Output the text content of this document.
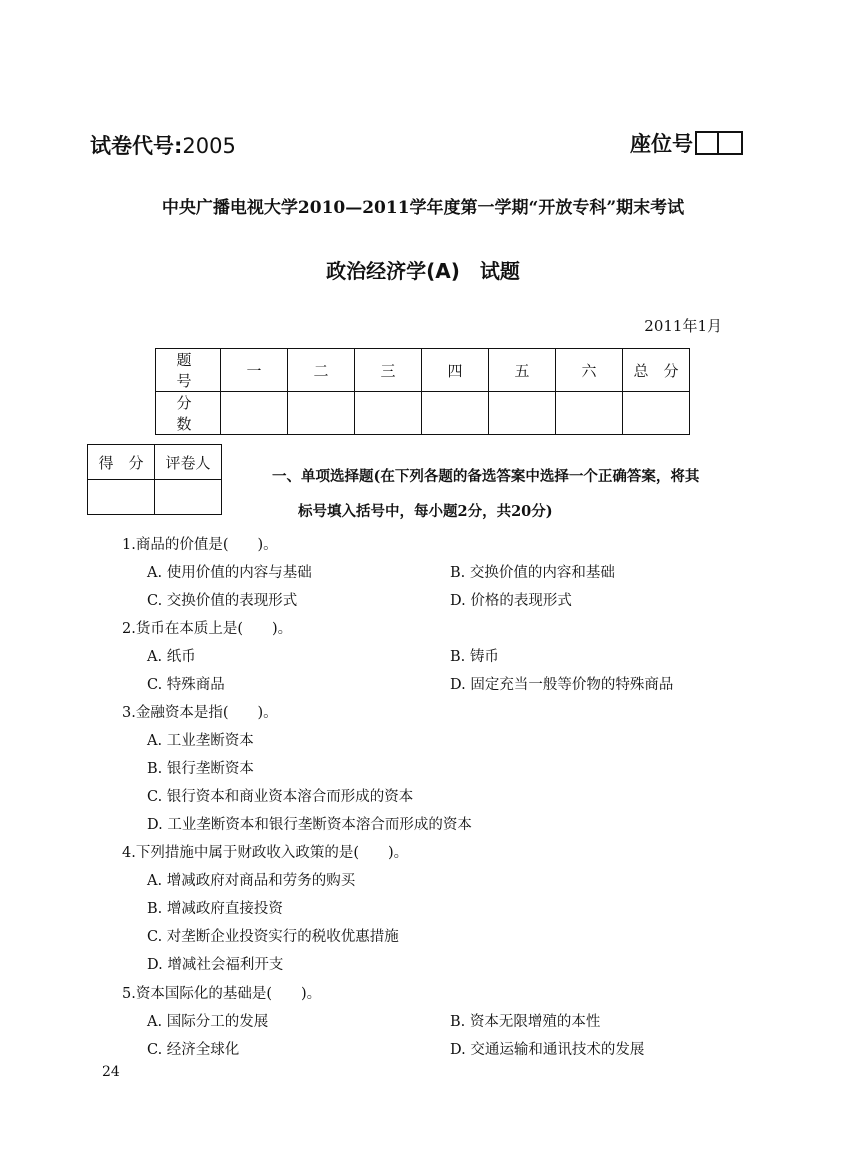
试卷代号:2005	座位号
中央广播电视大学2010—2011学年度第一学期“开放专科”期末考试
政治经济学(A)　试题
2011年1月
题　号	一	二	三	四	五	六	总　分
分　数							
得　分	评卷人

一、单项选择题(在下列各题的备选答案中选择一个正确答案，将其
标号填入括号中，每小题2分，共20分)
1.商品的价值是(　　)。
A. 使用价值的内容与基础	B. 交换价值的内容和基础
C. 交换价值的表现形式	D. 价格的表现形式
2.货币在本质上是(　　)。
A. 纸币	B. 铸币
C. 特殊商品	D. 固定充当一般等价物的特殊商品
3.金融资本是指(　　)。
A. 工业垄断资本
B. 银行垄断资本
C. 银行资本和商业资本溶合而形成的资本
D. 工业垄断资本和银行垄断资本溶合而形成的资本
4.下列措施中属于财政收入政策的是(　　)。
A. 增减政府对商品和劳务的购买
B. 增减政府直接投资
C. 对垄断企业投资实行的税收优惠措施
D. 增减社会福利开支
5.资本国际化的基础是(　　)。
A. 国际分工的发展	B. 资本无限增殖的本性
C. 经济全球化	D. 交通运输和通讯技术的发展
24
